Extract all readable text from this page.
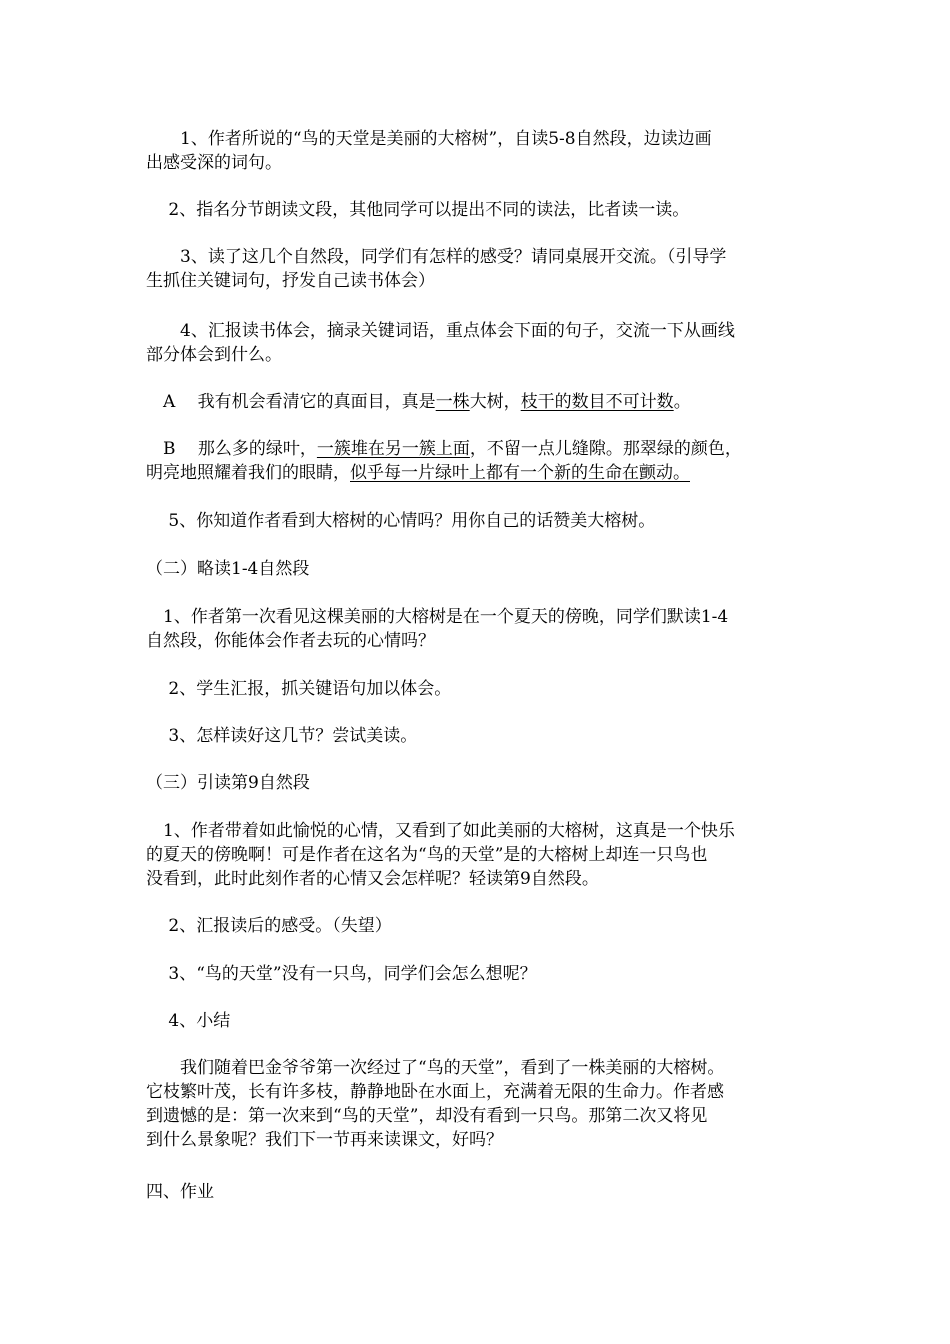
　　1、作者所说的“鸟的天堂是美丽的大榕树”，自读5-8自然段，边读边画
出感受深的词句。
　 2、指名分节朗读文段，其他同学可以提出不同的读法，比者读一读。
　　3、读了这几个自然段，同学们有怎样的感受？请同桌展开交流。（引导学
生抓住关键词句，抒发自己读书体会）
　　4、汇报读书体会，摘录关键词语，重点体会下面的句子，交流一下从画线
部分体会到什么。
　A　 我有机会看清它的真面目，真是一株大树，枝干的数目不可计数。
　B　 那么多的绿叶，一簇堆在另一簇上面，不留一点儿缝隙。那翠绿的颜色，
明亮地照耀着我们的眼睛，似乎每一片绿叶上都有一个新的生命在颤动。
　 5、你知道作者看到大榕树的心情吗？用你自己的话赞美大榕树。
（二）略读1-4自然段
　1、作者第一次看见这棵美丽的大榕树是在一个夏天的傍晚，同学们默读1-4
自然段，你能体会作者去玩的心情吗？
　 2、学生汇报，抓关键语句加以体会。
　 3、怎样读好这几节？尝试美读。
（三）引读第9自然段
　1、作者带着如此愉悦的心情，又看到了如此美丽的大榕树，这真是一个快乐
的夏天的傍晚啊！可是作者在这名为“鸟的天堂”是的大榕树上却连一只鸟也
没看到，此时此刻作者的心情又会怎样呢？轻读第9自然段。
　 2、汇报读后的感受。（失望）
　 3、“鸟的天堂”没有一只鸟，同学们会怎么想呢？
　 4、小结
　　我们随着巴金爷爷第一次经过了“鸟的天堂”，看到了一株美丽的大榕树。
它枝繁叶茂，长有许多枝，静静地卧在水面上，充满着无限的生命力。作者感
到遗憾的是：第一次来到“鸟的天堂”，却没有看到一只鸟。那第二次又将见
到什么景象呢？我们下一节再来读课文，好吗？
四、作业
